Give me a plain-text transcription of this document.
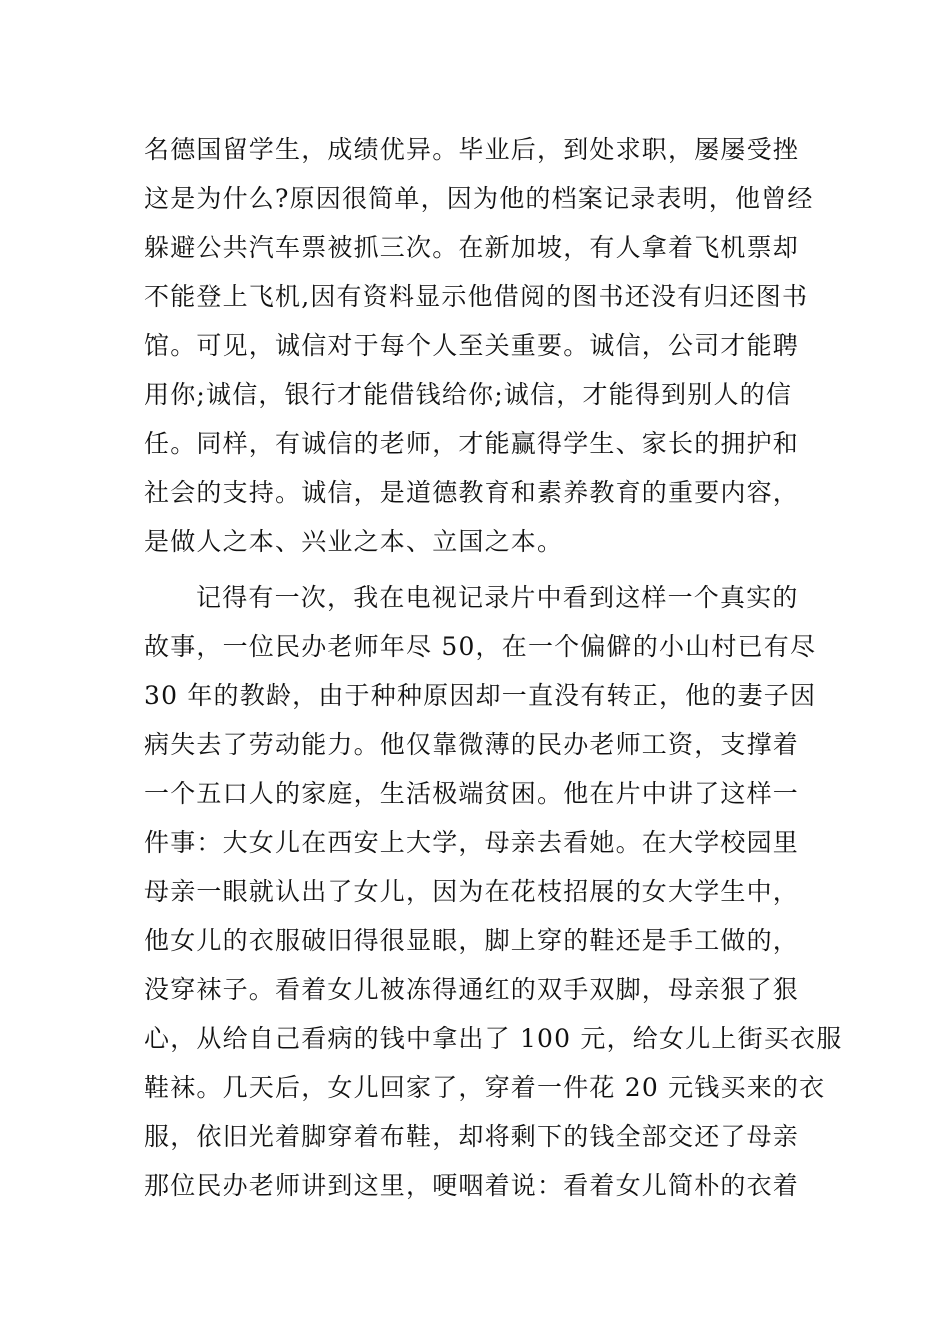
名德国留学生，成绩优异。毕业后，到处求职，屡屡受挫
这是为什么?原因很简单，因为他的档案记录表明，他曾经
躲避公共汽车票被抓三次。在新加坡，有人拿着飞机票却
不能登上飞机,因有资料显示他借阅的图书还没有归还图书
馆。可见，诚信对于每个人至关重要。诚信，公司才能聘
用你;诚信，银行才能借钱给你;诚信，才能得到别人的信
任。同样，有诚信的老师，才能赢得学生、家长的拥护和
社会的支持。诚信，是道德教育和素养教育的重要内容，
是做人之本、兴业之本、立国之本。
记得有一次，我在电视记录片中看到这样一个真实的
故事，一位民办老师年尽 50，在一个偏僻的小山村已有尽
30 年的教龄，由于种种原因却一直没有转正，他的妻子因
病失去了劳动能力。他仅靠微薄的民办老师工资，支撑着
一个五口人的家庭，生活极端贫困。他在片中讲了这样一
件事：大女儿在西安上大学，母亲去看她。在大学校园里
母亲一眼就认出了女儿，因为在花枝招展的女大学生中，
他女儿的衣服破旧得很显眼，脚上穿的鞋还是手工做的，
没穿袜子。看着女儿被冻得通红的双手双脚，母亲狠了狠
心，从给自己看病的钱中拿出了 100 元，给女儿上街买衣服
鞋袜。几天后，女儿回家了，穿着一件花 20 元钱买来的衣
服，依旧光着脚穿着布鞋，却将剩下的钱全部交还了母亲
那位民办老师讲到这里，哽咽着说：看着女儿简朴的衣着
